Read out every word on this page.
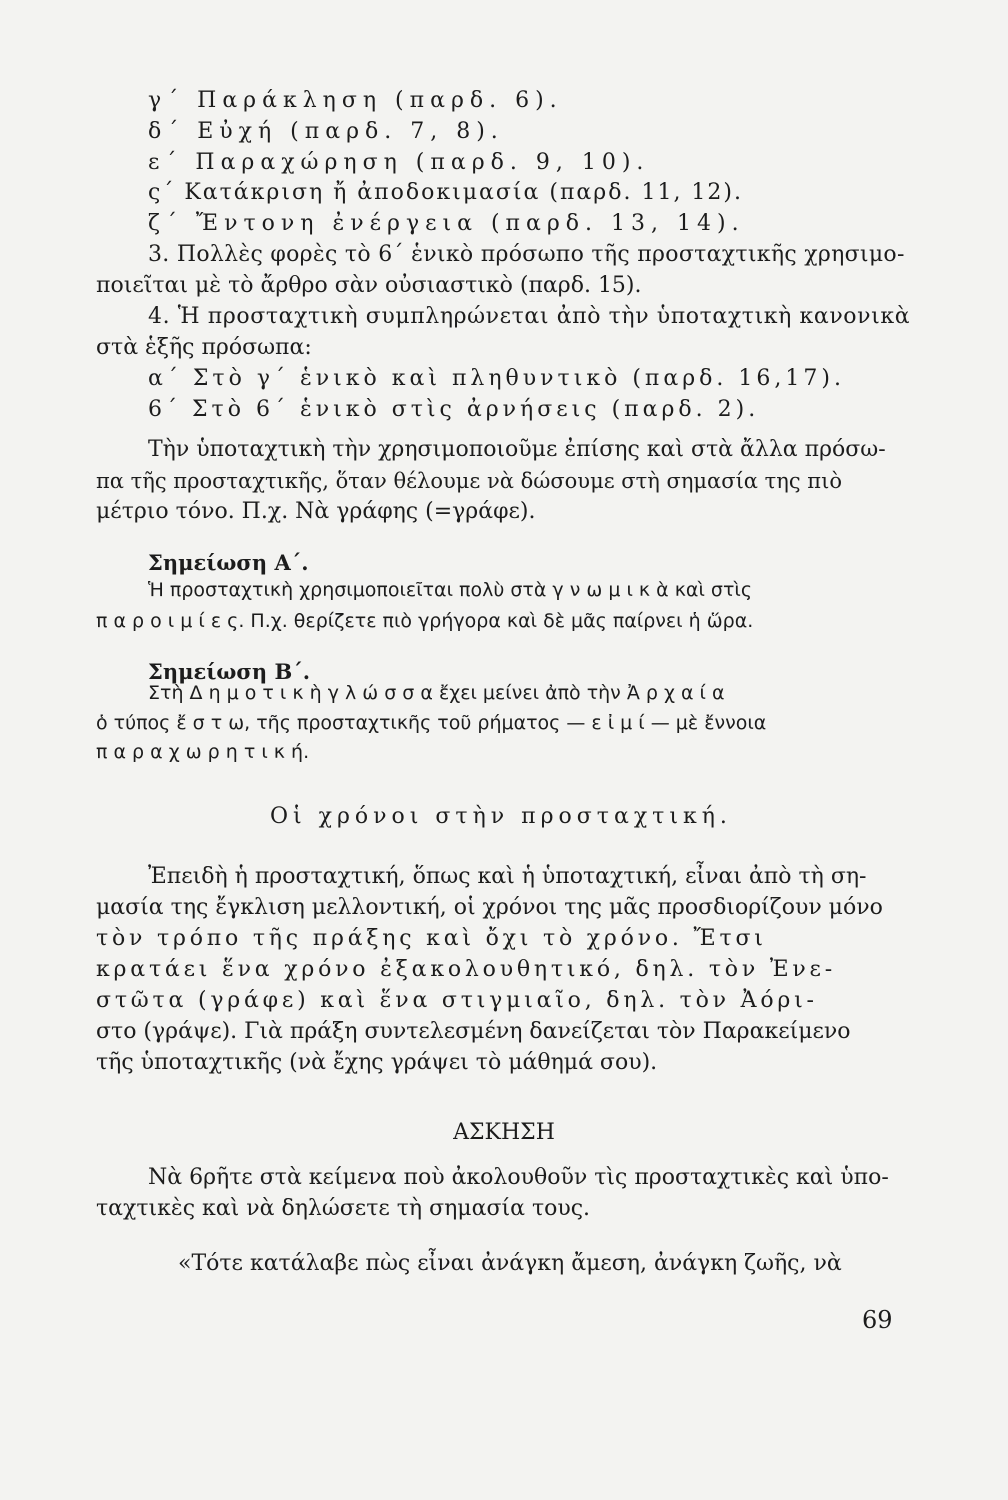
γ΄ Παράκληση (παρδ. 6).
δ΄ Εὐχή (παρδ. 7, 8).
ε΄ Παραχώρηση (παρδ. 9, 10).
ς΄ Κατάκριση ἤ ἀποδοκιμασία (παρδ. 11, 12).
ζ΄ Ἔντονη ἐνέργεια (παρδ. 13, 14).
3. Πολλὲς φορὲς τὸ 6΄ ἑνικὸ πρόσωπο τῆς προσταχτικῆς χρησιμο-
ποιεῖται μὲ τὸ ἄρθρο σὰν οὐσιαστικὸ (παρδ. 15).
4. Ἡ προσταχτικὴ συμπληρώνεται ἀπὸ τὴν ὑποταχτικὴ κανονικὰ
στὰ ἑξῆς πρόσωπα:
α΄ Στὸ γ΄ ἑνικὸ καὶ πληθυντικὸ (παρδ. 16,17).
6΄ Στὸ 6΄ ἑνικὸ στὶς ἀρνήσεις (παρδ. 2).
Τὴν ὑποταχτικὴ τὴν χρησιμοποιοῦμε ἐπίσης καὶ στὰ ἄλλα πρόσω-
πα τῆς προσταχτικῆς, ὅταν θέλουμε νὰ δώσουμε στὴ σημασία της πιὸ
μέτριο τόνο. Π.χ. Νὰ γράφης (=γράφε).
Σημείωση Α΄.
Ἡ προσταχτικὴ χρησιμοποιεῖται πολὺ στὰ γ ν ω μ ι κ ὰ καὶ στὶς
π α ρ ο ι μ ί ε ς. Π.χ. θερίζετε πιὸ γρήγορα καὶ δὲ μᾶς παίρνει ἡ ὥρα.
Σημείωση Β΄.
Στὴ Δ η μ ο τ ι κ ὴ γ λ ώ σ σ α ἔχει μείνει ἀπὸ τὴν Ἀ ρ χ α ί α
ὁ τύπος ἔ σ τ ω, τῆς προσταχτικῆς τοῦ ρήματος — ε ἰ μ ί — μὲ ἔννοια
π α ρ α χ ω ρ η τ ι κ ή.
Οἱ χρόνοι στὴν προσταχτική.
Ἐπειδὴ ἡ προσταχτική, ὅπως καὶ ἡ ὑποταχτική, εἶναι ἀπὸ τὴ ση-
μασία της ἔγκλιση μελλοντική, οἱ χρόνοι της μᾶς προσδιορίζουν μόνο
τὸν τρόπο τῆς πράξης καὶ ὄχι τὸ χρόνο. Ἔτσι
κρατάει ἕνα χρόνο ἐξακολουθητικό, δηλ. τὸν Ἐνε-
στῶτα (γράφε) καὶ ἕνα στιγμιαῖο, δηλ. τὸν Ἀόρι-
στο (γράψε). Γιὰ πράξη συντελεσμένη δανείζεται τὸν Παρακείμενο
τῆς ὑποταχτικῆς (νὰ ἔχης γράψει τὸ μάθημά σου).
ΑΣΚΗΣΗ
Νὰ 6ρῆτε στὰ κείμενα ποὺ ἀκολουθοῦν τὶς προσταχτικὲς καὶ ὑπο-
ταχτικὲς καὶ νὰ δηλώσετε τὴ σημασία τους.
«Τότε κατάλαβε πὼς εἶναι ἀνάγκη ἄμεση, ἀνάγκη ζωῆς, νὰ
69
